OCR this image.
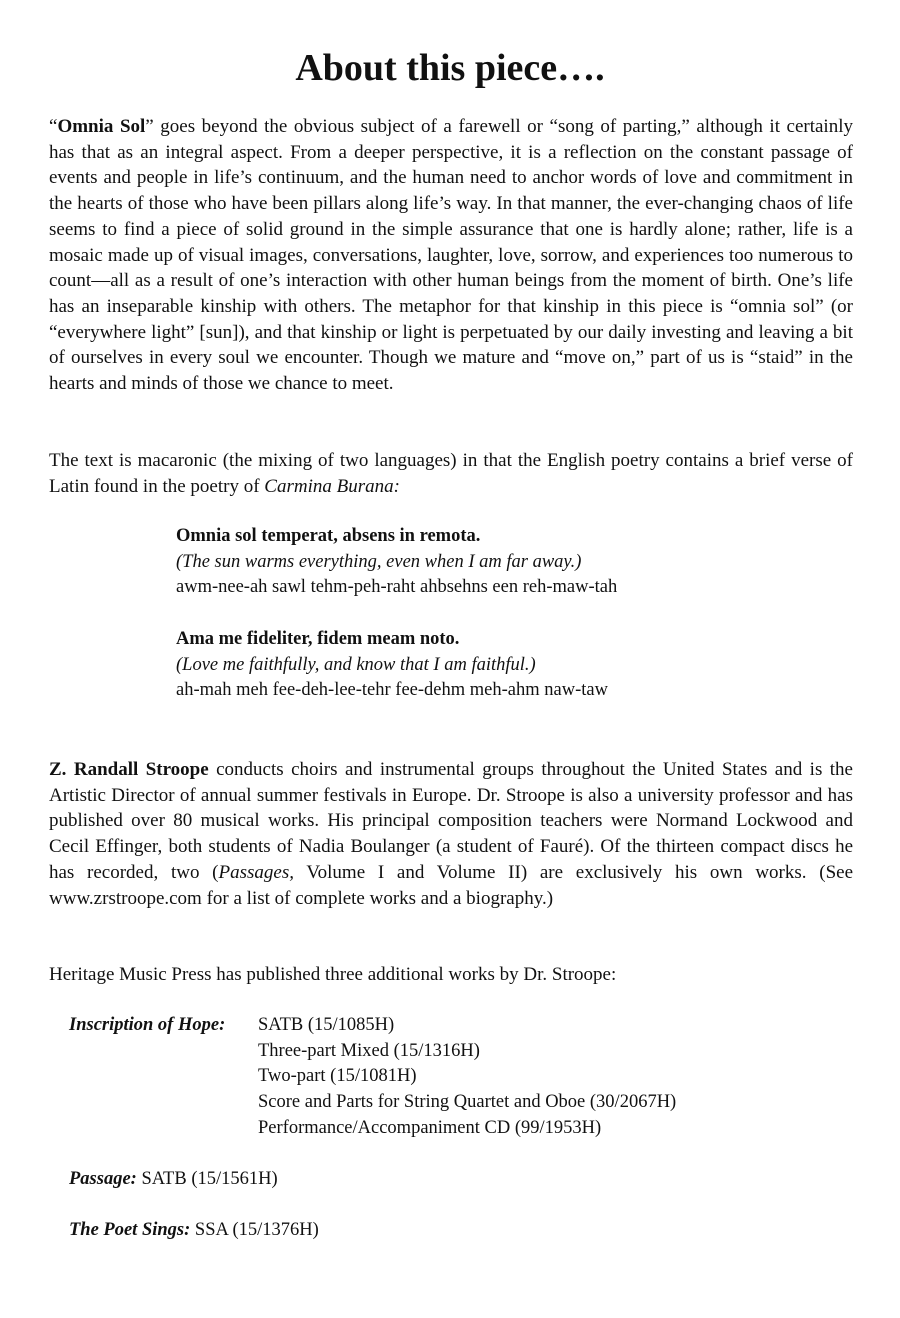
About this piece….

“Omnia Sol” goes beyond the obvious subject of a farewell or “song of parting,” although it certainly has that as an integral aspect. From a deeper perspective, it is a reflection on the constant passage of events and people in life’s continuum, and the human need to anchor words of love and commitment in the hearts of those who have been pillars along life’s way. In that manner, the ever-changing chaos of life seems to find a piece of solid ground in the simple assurance that one is hardly alone; rather, life is a mosaic made up of visual images, conversations, laughter, love, sorrow, and experiences too numerous to count—all as a result of one’s interaction with other human beings from the moment of birth. One’s life has an inseparable kinship with others. The metaphor for that kinship in this piece is “omnia sol” (or “everywhere light” [sun]), and that kinship or light is perpetuated by our daily investing and leaving a bit of ourselves in every soul we encounter. Though we mature and “move on,” part of us is “staid” in the hearts and minds of those we chance to meet.

The text is macaronic (the mixing of two languages) in that the English poetry contains a brief verse of Latin found in the poetry of Carmina Burana:

Omnia sol temperat, absens in remota.
(The sun warms everything, even when I am far away.)
awm-nee-ah sawl tehm-peh-raht ahbsehns een reh-maw-tah
Ama me fideliter, fidem meam noto.
(Love me faithfully, and know that I am faithful.)
ah-mah meh fee-deh-lee-tehr fee-dehm meh-ahm naw-taw

Z. Randall Stroope conducts choirs and instrumental groups throughout the United States and is the Artistic Director of annual summer festivals in Europe. Dr. Stroope is also a university professor and has published over 80 musical works. His principal composition teachers were Normand Lockwood and Cecil Effinger, both students of Nadia Boulanger (a student of Fauré). Of the thirteen compact discs he has recorded, two (Passages, Volume I and Volume II) are exclusively his own works. (See www.zrstroope.com for a list of complete works and a biography.)

Heritage Music Press has published three additional works by Dr. Stroope:

Inscription of Hope: SATB (15/1085H)
Three-part Mixed (15/1316H)
Two-part (15/1081H)
Score and Parts for String Quartet and Oboe (30/2067H)
Performance/Accompaniment CD (99/1953H)
Passage: SATB (15/1561H)
The Poet Sings: SSA (15/1376H)
